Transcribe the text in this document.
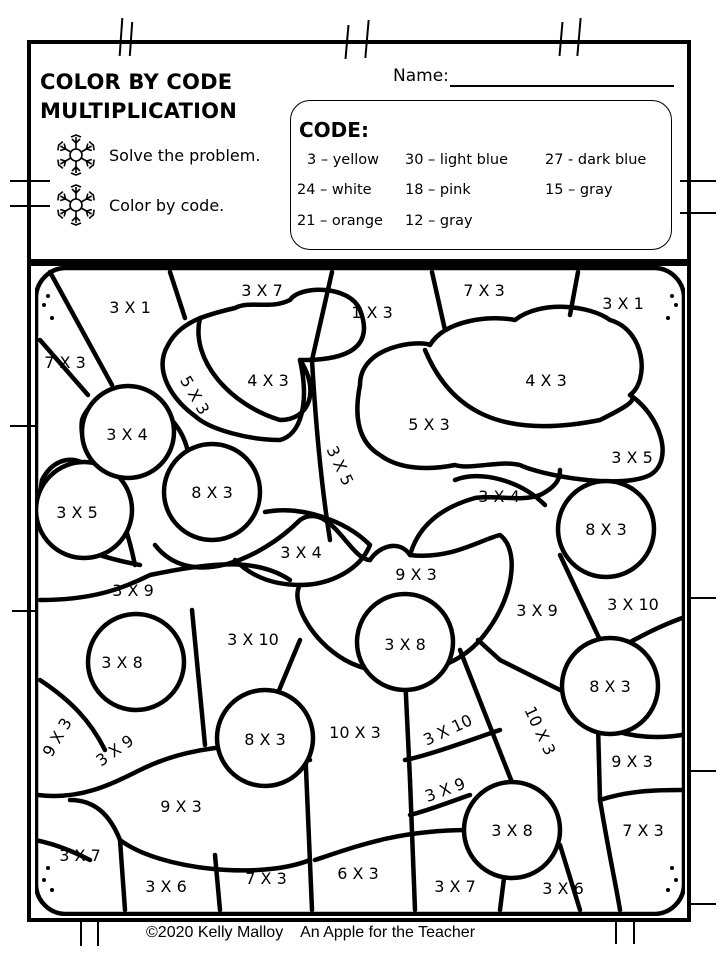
COLOR BY CODE
MULTIPLICATION
Name:
Solve the problem.
Color by code.
CODE:
3 – yellow 30 – light blue	27 - dark blue
24 – white 18 – pink	15 – gray
21 – orange 12 – gray
3 X 1
3 X 7
1 X 3
7 X 3
3 X 1
7 X 3
5 X 3 4 X 3	4 X 3
3 X 4
5 X 3
3 X 5	3 X 5
8 X 3	3 X 4
3 X 5
8 X 3
3 X 4
9 X 3
3 X 9
3 X 9	3 X 10
3 X 8
3 X 10
3 X 8
8 X 3
9 X 3	10 X 3 3 X 10	10 X 3
8 X 3
3 X 9	9 X 3
9 X 3
3 X 9
3 X 8	7 X 3
3 X 7
3 X 6	7 X 3	6 X 3
3 X 7	3 X 6
©2020 Kelly Malloy    An Apple for the Teacher
